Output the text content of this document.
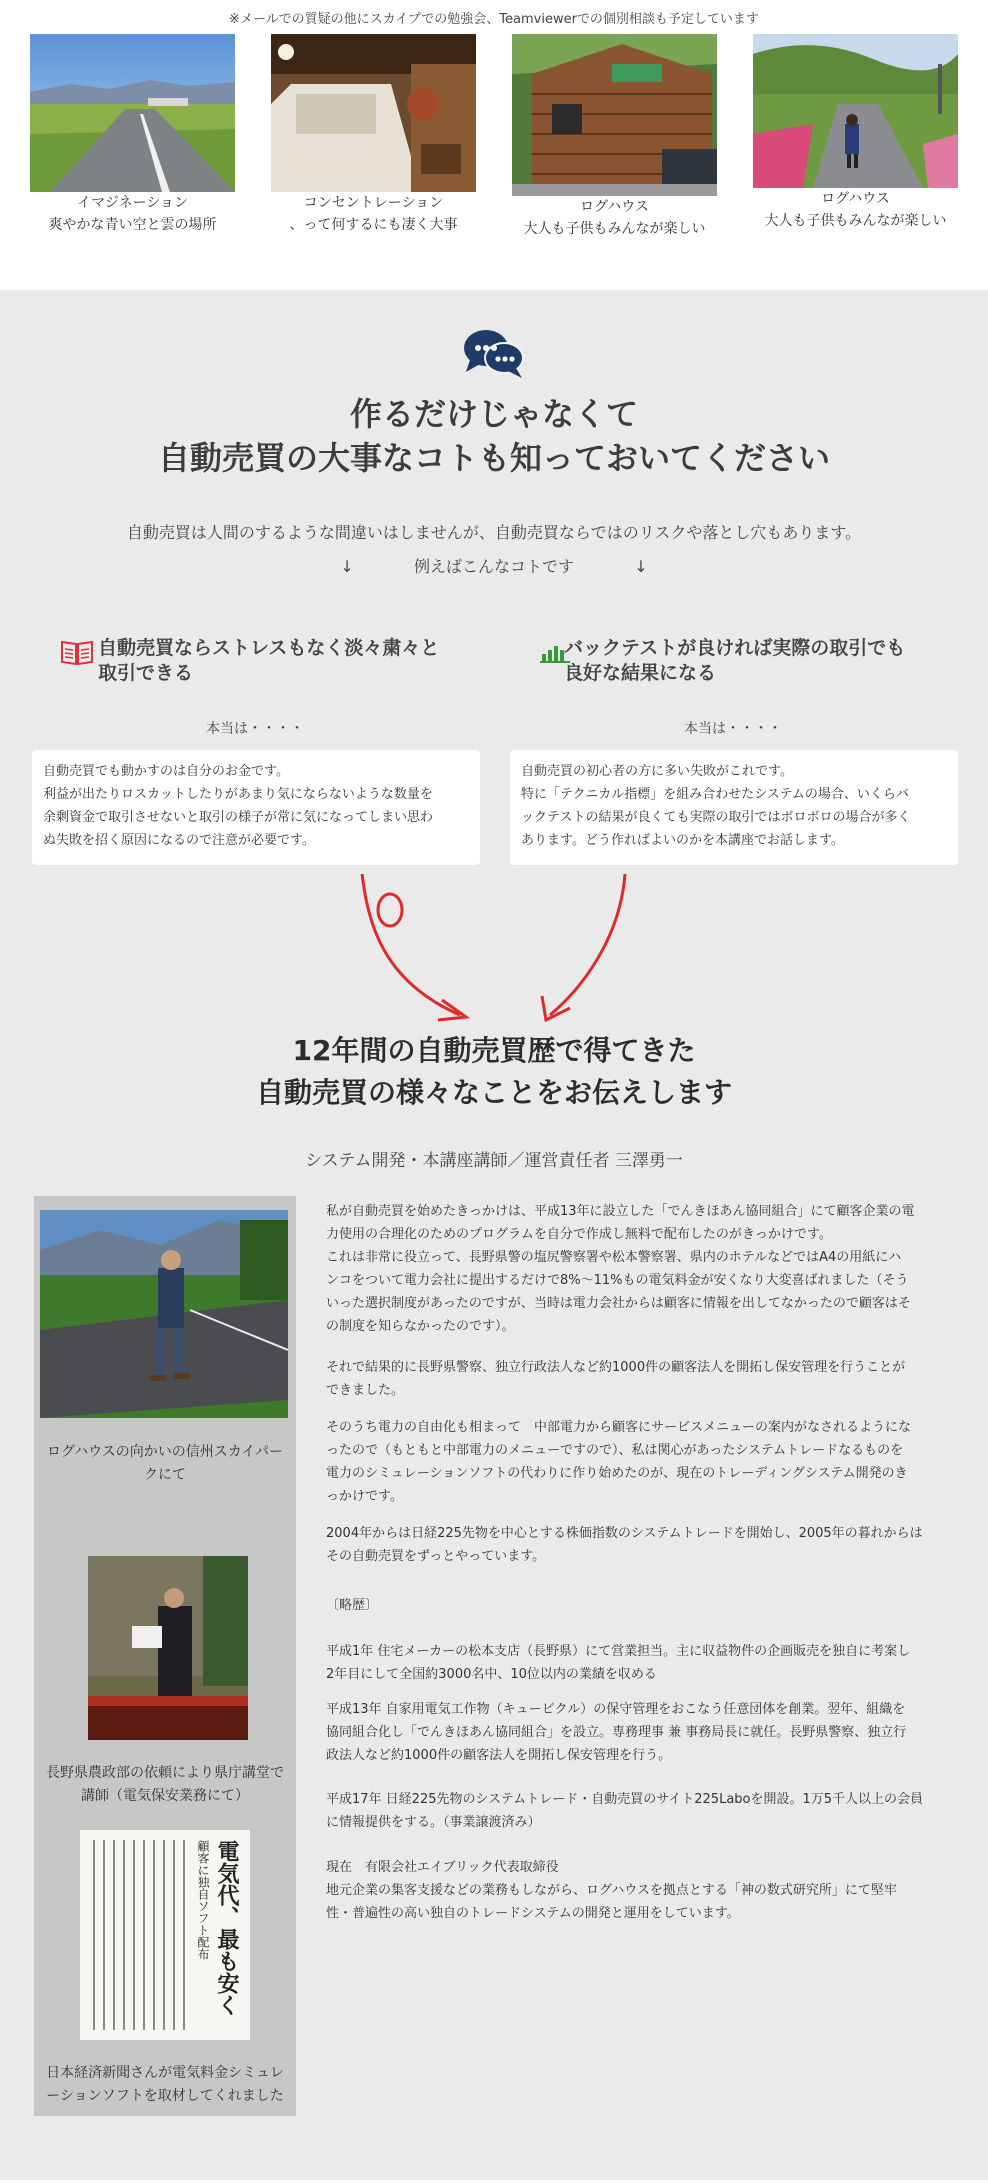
※メールでの質疑の他にスカイプでの勉強会、Teamviewerでの個別相談も予定しています
イマジネーション
爽やかな青い空と雲の場所
コンセントレーション
、って何するにも凄く大事
ログハウス
大人も子供もみんなが楽しい
ログハウス
大人も子供もみんなが楽しい
作るだけじゃなくて
自動売買の大事なコトも知っておいてください
自動売買は人間のするような間違いはしませんが、自動売買ならではのリスクや落とし穴もあります。
↓	例えばこんなコトです	↓
自動売買ならストレスもなく淡々粛々と
取引できる
本当は・・・・
自動売買でも動かすのは自分のお金です。
利益が出たりロスカットしたりがあまり気にならないような数量を
余剰資金で取引させないと取引の様子が常に気になってしまい思わ
ぬ失敗を招く原因になるので注意が必要です。
バックテストが良ければ実際の取引でも
良好な結果になる
本当は・・・・
自動売買の初心者の方に多い失敗がこれです。
特に「テクニカル指標」を組み合わせたシステムの場合、いくらバ
ックテストの結果が良くても実際の取引ではボロボロの場合が多く
あります。どう作ればよいのかを本講座でお話します。
12年間の自動売買歴で得てきた
自動売買の様々なことをお伝えします
システム開発・本講座講師／運営責任者 三澤勇一
ログハウスの向かいの信州スカイパー
クにて
長野県農政部の依頼により県庁講堂で
講師（電気保安業務にて）
電気代、最も安く
顧客に独自ソフト配布
日本経済新聞さんが電気料金シミュレ
ーションソフトを取材してくれました

私が自動売買を始めたきっかけは、平成13年に設立した「でんきほあん協同組合」にて顧客企業の電

力使用の合理化のためのプログラムを自分で作成し無料で配布したのがきっかけです。

これは非常に役立って、長野県警の塩尻警察署や松本警察署、県内のホテルなどではA4の用紙にハ

ンコをついて電力会社に提出するだけで8%～11%もの電気料金が安くなり大変喜ばれました（そう

いった選択制度があったのですが、当時は電力会社からは顧客に情報を出してなかったので顧客はそ

の制度を知らなかったのです）。

それで結果的に長野県警察、独立行政法人など約1000件の顧客法人を開拓し保安管理を行うことが

できました。

そのうち電力の自由化も相まって　中部電力から顧客にサービスメニューの案内がなされるようにな

ったので（もともと中部電力のメニューですので）、私は関心があったシステムトレードなるものを

電力のシミュレーションソフトの代わりに作り始めたのが、現在のトレーディングシステム開発のき

っかけです。

2004年からは日経225先物を中心とする株価指数のシステムトレードを開始し、2005年の暮れからは

その自動売買をずっとやっています。

〔略歴〕

平成1年 住宅メーカーの松本支店（長野県）にて営業担当。主に収益物件の企画販売を独自に考案し

2年目にして全国約3000名中、10位以内の業績を収める

平成13年 自家用電気工作物（キュービクル）の保守管理をおこなう任意団体を創業。翌年、組織を

協同組合化し「でんきほあん協同組合」を設立。専務理事 兼 事務局長に就任。長野県警察、独立行

政法人など約1000件の顧客法人を開拓し保安管理を行う。

平成17年 日経225先物のシステムトレード・自動売買のサイト225Laboを開設。1万5千人以上の会員

に情報提供をする。（事業譲渡済み）

現在　有限会社エイブリック代表取締役

地元企業の集客支援などの業務もしながら、ログハウスを拠点とする「神の数式研究所」にて堅牢

性・普遍性の高い独自のトレードシステムの開発と運用をしています。
